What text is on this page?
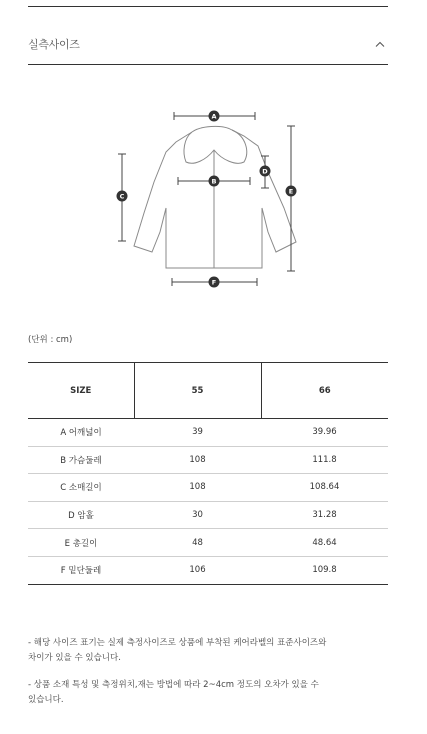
실측사이즈
A
B
C
D
E
F
(단위 : cm)
SIZE	55	66
A 어깨넓이	39	39.96
B 가슴둘레	108	111.8
C 소매길이	108	108.64
D 암홀	30	31.28
E 총길이	48	48.64
F 밑단둘레	106	109.8
- 해당 사이즈 표기는 실제 측정사이즈로 상품에 부착된 케어라벨의 표준사이즈와
차이가 있을 수 있습니다.
- 상품 소재 특성 및 측정위치,재는 방법에 따라 2~4cm 정도의 오차가 있을 수
있습니다.
